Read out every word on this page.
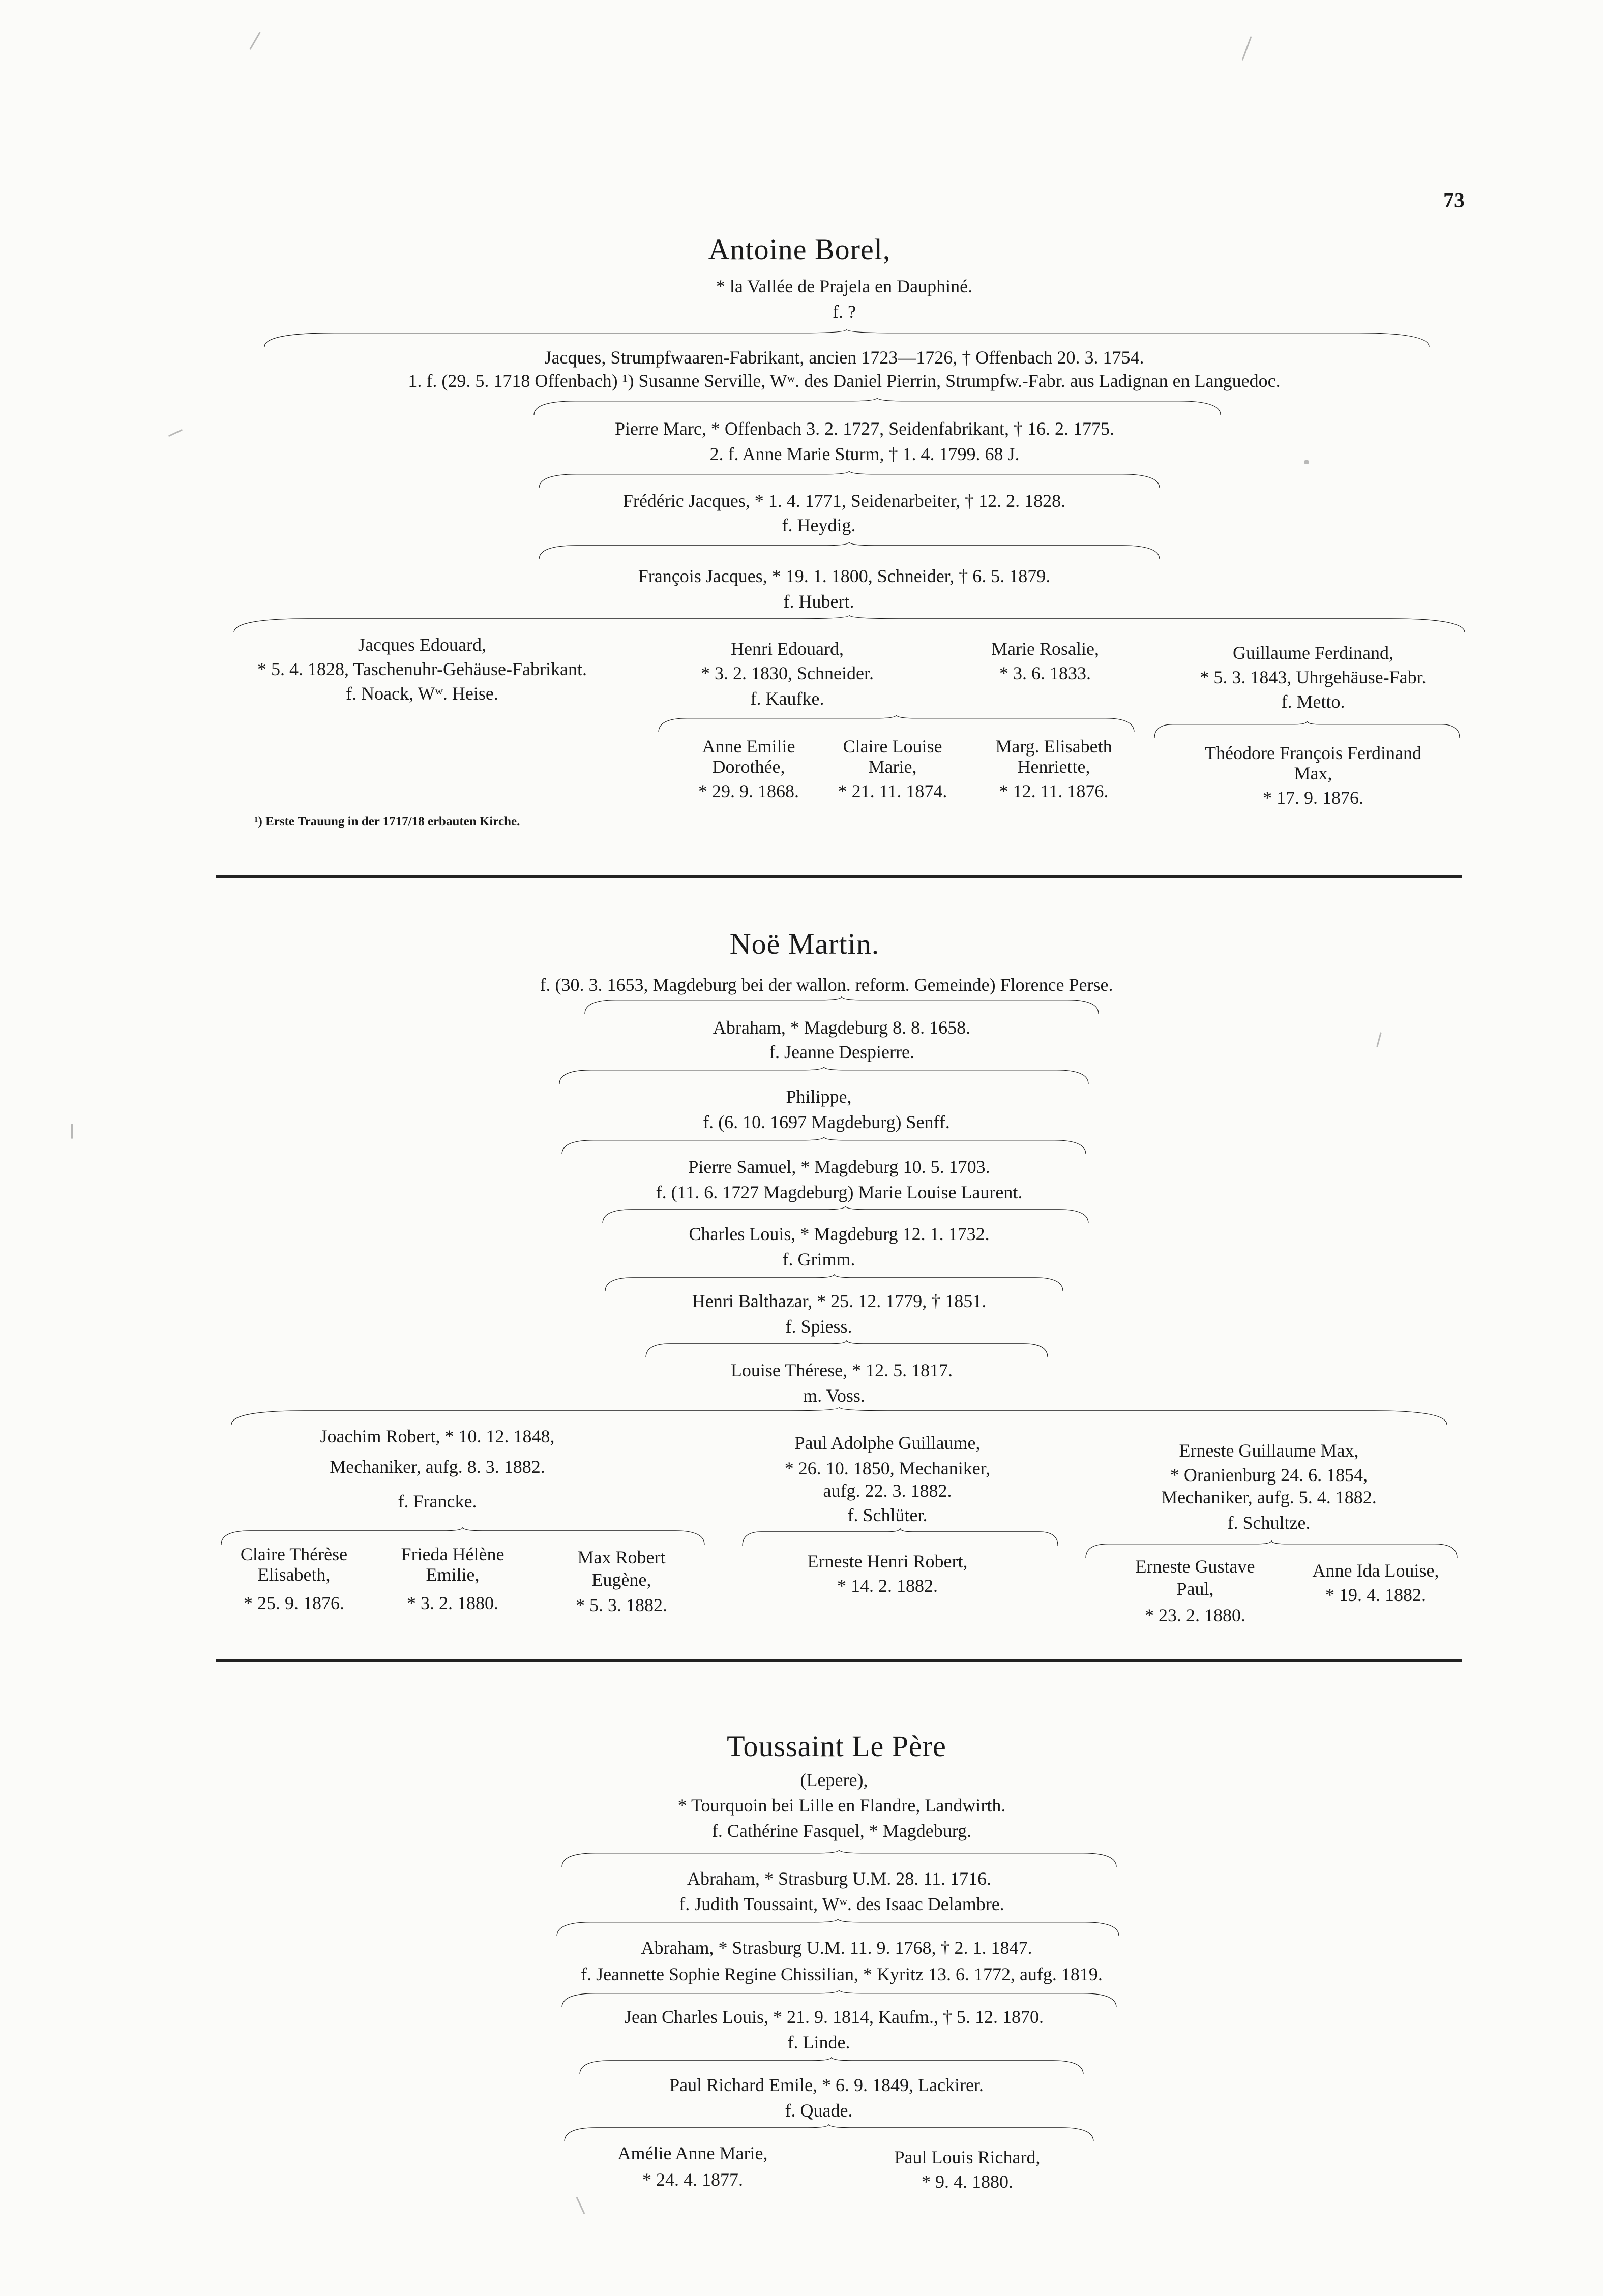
73
Antoine Borel,
* la Vallée de Prajela en Dauphiné.
f. ?
Jacques, Strumpfwaaren-Fabrikant, ancien 1723—1726, † Offenbach 20. 3. 1754.
1. f. (29. 5. 1718 Offenbach) ¹) Susanne Serville, Wʷ. des Daniel Pierrin, Strumpfw.-Fabr. aus Ladignan en Languedoc.
Pierre Marc, * Offenbach 3. 2. 1727, Seidenfabrikant, † 16. 2. 1775.
2. f. Anne Marie Sturm, † 1. 4. 1799. 68 J.
Frédéric Jacques, * 1. 4. 1771, Seidenarbeiter, † 12. 2. 1828.
f. Heydig.
François Jacques, * 19. 1. 1800, Schneider, † 6. 5. 1879.
f. Hubert.
Jacques Edouard,
* 5. 4. 1828, Taschenuhr-Gehäuse-Fabrikant.
f. Noack, Wʷ. Heise.
Henri Edouard,
* 3. 2. 1830, Schneider.
f. Kaufke.
Marie Rosalie,
* 3. 6. 1833.
Guillaume Ferdinand,
* 5. 3. 1843, Uhrgehäuse-Fabr.
f. Metto.
Anne Emilie
Dorothée,
* 29. 9. 1868.
Claire Louise
Marie,
* 21. 11. 1874.
Marg. Elisabeth
Henriette,
* 12. 11. 1876.
Théodore François Ferdinand
Max,
* 17. 9. 1876.
¹) Erste Trauung in der 1717/18 erbauten Kirche.
Noë Martin.
f. (30. 3. 1653, Magdeburg bei der wallon. reform. Gemeinde) Florence Perse.
Abraham, * Magdeburg 8. 8. 1658.
f. Jeanne Despierre.
Philippe,
f. (6. 10. 1697 Magdeburg) Senff.
Pierre Samuel, * Magdeburg 10. 5. 1703.
f. (11. 6. 1727 Magdeburg) Marie Louise Laurent.
Charles Louis, * Magdeburg 12. 1. 1732.
f. Grimm.
Henri Balthazar, * 25. 12. 1779, † 1851.
f. Spiess.
Louise Thérese, * 12. 5. 1817.
m. Voss.
Joachim Robert, * 10. 12. 1848,
Mechaniker, aufg. 8. 3. 1882.
f. Francke.
Paul Adolphe Guillaume,
* 26. 10. 1850, Mechaniker,
aufg. 22. 3. 1882.
f. Schlüter.
Erneste Guillaume Max,
* Oranienburg 24. 6. 1854,
Mechaniker, aufg. 5. 4. 1882.
f. Schultze.
Claire Thérèse
Elisabeth,
* 25. 9. 1876.
Frieda Hélène
Emilie,
* 3. 2. 1880.
Max Robert
Eugène,
* 5. 3. 1882.
Erneste Henri Robert,
* 14. 2. 1882.
Erneste Gustave
Paul,
* 23. 2. 1880.
Anne Ida Louise,
* 19. 4. 1882.
Toussaint Le Père
(Lepere),
* Tourquoin bei Lille en Flandre, Landwirth.
f. Cathérine Fasquel, * Magdeburg.
Abraham, * Strasburg U.M. 28. 11. 1716.
f. Judith Toussaint, Wʷ. des Isaac Delambre.
Abraham, * Strasburg U.M. 11. 9. 1768, † 2. 1. 1847.
f. Jeannette Sophie Regine Chissilian, * Kyritz 13. 6. 1772, aufg. 1819.
Jean Charles Louis, * 21. 9. 1814, Kaufm., † 5. 12. 1870.
f. Linde.
Paul Richard Emile, * 6. 9. 1849, Lackirer.
f. Quade.
Amélie Anne Marie,
* 24. 4. 1877.
Paul Louis Richard,
* 9. 4. 1880.
